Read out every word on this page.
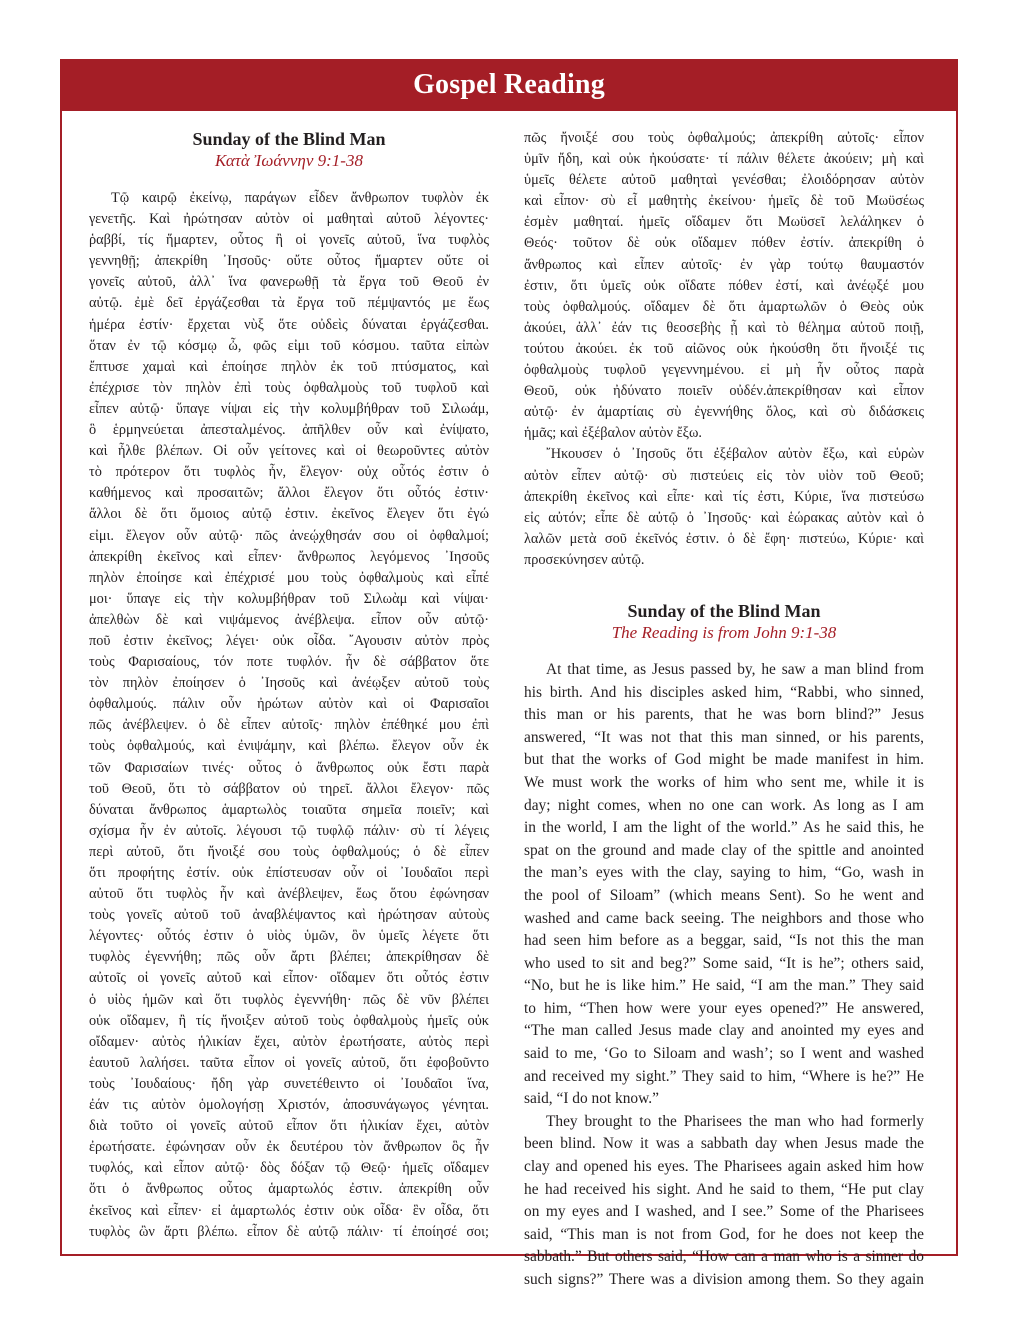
Gospel Reading
Sunday of the Blind Man
Κατὰ Ἰωάννην 9:1-38
Τῷ καιρῷ ἐκείνῳ, παράγων εἶδεν ἄνθρωπον τυφλὸν ἐκ
γενετῆς. Καὶ ἠρώτησαν αὐτὸν οἱ μαθηταὶ αὐτοῦ λέγοντες·
ῥαββί, τίς ἥμαρτεν, οὗτος ἢ οἱ γονεῖς αὐτοῦ, ἵνα τυφλὸς
γεννηθῇ; ἀπεκρίθη ᾿Ιησοῦς· οὔτε οὗτος ἥμαρτεν οὔτε οἱ
γονεῖς αὐτοῦ, ἀλλ᾿ ἵνα φανερωθῇ τὰ ἔργα τοῦ Θεοῦ ἐν
αὐτῷ. ἐμὲ δεῖ ἐργάζεσθαι τὰ ἔργα τοῦ πέμψαντός με ἕως
ἡμέρα ἐστίν· ἔρχεται νὺξ ὅτε οὐδεὶς δύναται ἐργάζεσθαι.
ὅταν ἐν τῷ κόσμῳ ὦ, φῶς εἰμι τοῦ κόσμου. ταῦτα εἰπὼν
ἔπτυσε χαμαὶ καὶ ἐποίησε πηλὸν ἐκ τοῦ πτύσματος, καὶ
ἐπέχρισε τὸν πηλὸν ἐπὶ τοὺς ὀφθαλμοὺς τοῦ τυφλοῦ καὶ
εἶπεν αὐτῷ· ὕπαγε νίψαι εἰς τὴν κολυμβήθραν τοῦ Σιλωάμ,
ὃ ἑρμηνεύεται ἀπεσταλμένος. ἀπῆλθεν οὖν καὶ ἐνίψατο,
καὶ ἦλθε βλέπων. Οἱ οὖν γείτονες καὶ οἱ θεωροῦντες αὐτὸν
τὸ πρότερον ὅτι τυφλὸς ἦν, ἔλεγον· οὐχ οὗτός ἐστιν ὁ
καθήμενος καὶ προσαιτῶν; ἄλλοι ἔλεγον ὅτι οὗτός ἐστιν·
ἄλλοι δὲ ὅτι ὅμοιος αὐτῷ ἐστιν. ἐκεῖνος ἔλεγεν ὅτι ἐγώ
εἰμι. ἔλεγον οὖν αὐτῷ· πῶς ἀνεῴχθησάν σου οἱ ὀφθαλμοί;
ἀπεκρίθη ἐκεῖνος καὶ εἶπεν· ἄνθρωπος λεγόμενος ᾿Ιησοῦς
πηλὸν ἐποίησε καὶ ἐπέχρισέ μου τοὺς ὀφθαλμοὺς καὶ εἶπέ
μοι· ὕπαγε εἰς τὴν κολυμβήθραν τοῦ Σιλωὰμ καὶ νίψαι·
ἀπελθὼν δὲ καὶ νιψάμενος ἀνέβλεψα. εἶπον οὖν αὐτῷ·
ποῦ ἐστιν ἐκεῖνος; λέγει· οὐκ οἶδα. ῎Αγουσιν αὐτὸν πρὸς
τοὺς Φαρισαίους, τόν ποτε τυφλόν. ἦν δὲ σάββατον ὅτε
τὸν πηλὸν ἐποίησεν ὁ ᾿Ιησοῦς καὶ ἀνέῳξεν αὐτοῦ τοὺς
ὀφθαλμούς. πάλιν οὖν ἠρώτων αὐτὸν καὶ οἱ Φαρισαῖοι
πῶς ἀνέβλεψεν. ὁ δὲ εἶπεν αὐτοῖς· πηλὸν ἐπέθηκέ μου ἐπὶ
τοὺς ὀφθαλμούς, καὶ ἐνιψάμην, καὶ βλέπω. ἔλεγον οὖν ἐκ
τῶν Φαρισαίων τινές· οὗτος ὁ ἄνθρωπος οὐκ ἔστι παρὰ
τοῦ Θεοῦ, ὅτι τὸ σάββατον οὐ τηρεῖ. ἄλλοι ἔλεγον· πῶς
δύναται ἄνθρωπος ἁμαρτωλὸς τοιαῦτα σημεῖα ποιεῖν; καὶ
σχίσμα ἦν ἐν αὐτοῖς. λέγουσι τῷ τυφλῷ πάλιν· σὺ τί λέγεις
περὶ αὐτοῦ, ὅτι ἤνοιξέ σου τοὺς ὀφθαλμούς; ὁ δὲ εἶπεν
ὅτι προφήτης ἐστίν. οὐκ ἐπίστευσαν οὖν οἱ ᾿Ιουδαῖοι περὶ
αὐτοῦ ὅτι τυφλὸς ἦν καὶ ἀνέβλεψεν, ἕως ὅτου ἐφώνησαν
τοὺς γονεῖς αὐτοῦ τοῦ ἀναβλέψαντος καὶ ἠρώτησαν αὐτοὺς
λέγοντες· οὗτός ἐστιν ὁ υἱὸς ὑμῶν, ὃν ὑμεῖς λέγετε ὅτι
τυφλὸς ἐγεννήθη; πῶς οὖν ἄρτι βλέπει; ἀπεκρίθησαν δὲ
αὐτοῖς οἱ γονεῖς αὐτοῦ καὶ εἶπον· οἴδαμεν ὅτι οὗτός ἐστιν
ὁ υἱὸς ἡμῶν καὶ ὅτι τυφλὸς ἐγεννήθη· πῶς δὲ νῦν βλέπει
οὐκ οἴδαμεν, ἢ τίς ἤνοιξεν αὐτοῦ τοὺς ὀφθαλμοὺς ἡμεῖς οὐκ
οἴδαμεν· αὐτὸς ἡλικίαν ἔχει, αὐτὸν ἐρωτήσατε, αὐτὸς περὶ
ἑαυτοῦ λαλήσει. ταῦτα εἶπον οἱ γονεῖς αὐτοῦ, ὅτι ἐφοβοῦντο
τοὺς ᾿Ιουδαίους· ἤδη γὰρ συνετέθειντο οἱ ᾿Ιουδαῖοι ἵνα,
ἐάν τις αὐτὸν ὁμολογήσῃ Χριστόν, ἀποσυνάγωγος γένηται.
διὰ τοῦτο οἱ γονεῖς αὐτοῦ εἶπον ὅτι ἡλικίαν ἔχει, αὐτὸν
ἐρωτήσατε. ἐφώνησαν οὖν ἐκ δευτέρου τὸν ἄνθρωπον ὃς ἦν
τυφλός, καὶ εἶπον αὐτῷ· δὸς δόξαν τῷ Θεῷ· ἡμεῖς οἴδαμεν
ὅτι ὁ ἄνθρωπος οὗτος ἁμαρτωλός ἐστιν. ἀπεκρίθη οὖν
ἐκεῖνος καὶ εἶπεν· εἰ ἁμαρτωλός ἐστιν οὐκ οἶδα· ἓν οἶδα, ὅτι
τυφλὸς ὢν ἄρτι βλέπω. εἶπον δὲ αὐτῷ πάλιν· τί ἐποίησέ σοι;
πῶς ἤνοιξέ σου τοὺς ὀφθαλμούς; ἀπεκρίθη αὐτοῖς· εἶπον
ὑμῖν ἤδη, καὶ οὐκ ἠκούσατε· τί πάλιν θέλετε ἀκούειν; μὴ καὶ
ὑμεῖς θέλετε αὐτοῦ μαθηταὶ γενέσθαι; ἐλοιδόρησαν αὐτὸν
καὶ εἶπον· σὺ εἶ μαθητὴς ἐκείνου· ἡμεῖς δὲ τοῦ Μωϋσέως
ἐσμὲν μαθηταί. ἡμεῖς οἴδαμεν ὅτι Μωϋσεῖ λελάληκεν ὁ
Θεός· τοῦτον δὲ οὐκ οἴδαμεν πόθεν ἐστίν. ἀπεκρίθη ὁ
ἄνθρωπος καὶ εἶπεν αὐτοῖς· ἐν γὰρ τούτῳ θαυμαστόν
ἐστιν, ὅτι ὑμεῖς οὐκ οἴδατε πόθεν ἐστί, καὶ ἀνέῳξέ μου
τοὺς ὀφθαλμούς. οἴδαμεν δὲ ὅτι ἁμαρτωλῶν ὁ Θεὸς οὐκ
ἀκούει, ἀλλ᾿ ἐάν τις θεοσεβὴς ᾖ καὶ τὸ θέλημα αὐτοῦ ποιῇ,
τούτου ἀκούει. ἐκ τοῦ αἰῶνος οὐκ ἠκούσθη ὅτι ἤνοιξέ τις
ὀφθαλμοὺς τυφλοῦ γεγεννημένου. εἰ μὴ ἦν οὗτος παρὰ
Θεοῦ, οὐκ ἠδύνατο ποιεῖν οὐδέν.ἀπεκρίθησαν καὶ εἶπον
αὐτῷ· ἐν ἁμαρτίαις σὺ ἐγεννήθης ὅλος, καὶ σὺ διδάσκεις
ἡμᾶς; καὶ ἐξέβαλον αὐτὸν ἔξω.
῎Ηκουσεν ὁ ᾿Ιησοῦς ὅτι ἐξέβαλον αὐτὸν ἔξω, καὶ εὑρὼν
αὐτὸν εἶπεν αὐτῷ· σὺ πιστεύεις εἰς τὸν υἱὸν τοῦ Θεοῦ;
ἀπεκρίθη ἐκεῖνος καὶ εἶπε· καὶ τίς ἐστι, Κύριε, ἵνα πιστεύσω
εἰς αὐτόν; εἶπε δὲ αὐτῷ ὁ ᾿Ιησοῦς· καὶ ἑώρακας αὐτὸν καὶ ὁ
λαλῶν μετὰ σοῦ ἐκεῖνός ἐστιν. ὁ δὲ ἔφη· πιστεύω, Κύριε· καὶ
προσεκύνησεν αὐτῷ.
Sunday of the Blind Man
The Reading is from John 9:1-38
At that time, as Jesus passed by, he saw a man blind from
his birth. And his disciples asked him, “Rabbi, who sinned,
this man or his parents, that he was born blind?” Jesus
answered, “It was not that this man sinned, or his parents,
but that the works of God might be made manifest in him.
We must work the works of him who sent me, while it is
day; night comes, when no one can work. As long as I am
in the world, I am the light of the world.” As he said this, he
spat on the ground and made clay of the spittle and anointed
the man’s eyes with the clay, saying to him, “Go, wash in
the pool of Siloam” (which means Sent). So he went and
washed and came back seeing. The neighbors and those who
had seen him before as a beggar, said, “Is not this the man
who used to sit and beg?” Some said, “It is he”; others said,
“No, but he is like him.” He said, “I am the man.” They said
to him, “Then how were your eyes opened?” He answered,
“The man called Jesus made clay and anointed my eyes and
said to me, ‘Go to Siloam and wash’; so I went and washed
and received my sight.” They said to him, “Where is he?” He
said, “I do not know.”
They brought to the Pharisees the man who had formerly
been blind. Now it was a sabbath day when Jesus made the
clay and opened his eyes. The Pharisees again asked him how
he had received his sight. And he said to them, “He put clay
on my eyes and I washed, and I see.” Some of the Pharisees
said, “This man is not from God, for he does not keep the
sabbath.” But others said, “How can a man who is a sinner do
such signs?” There was a division among them. So they again
